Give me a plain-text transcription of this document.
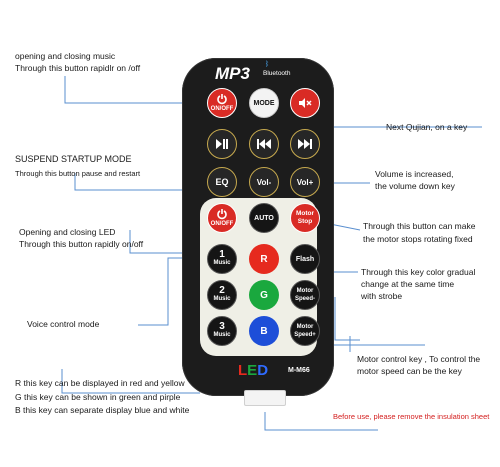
opening and closing music
Through this button rapidlr on /off
Next Qujian, on a key
SUSPEND STARTUP MODE
Through this button pause and restart	Volume is increased,
the volume down key
Opening and closing LED
Through this button rapidly on/off
Through this button can make
the motor stops rotating fixed
Through this key color gradual
change at the same time
with strobe
Voice control mode
Motor control key , To control the
motor speed can be the key
R this key can be displayed in red and yellow
G this key can be shown in green and pirple
B this key can separate display blue and white
Before use, please remove the insulation sheet
MP3 ᛒ
Bluetooth
ON/OFF
MODE
EQ	Vol-	Vol+
ON/OFF
AUTO
Motor
Stop
1
Music	R	Flash
2
Music	G	Motor
Speed-
3
Music	B	Motor
Speed+
LED	M-M66
